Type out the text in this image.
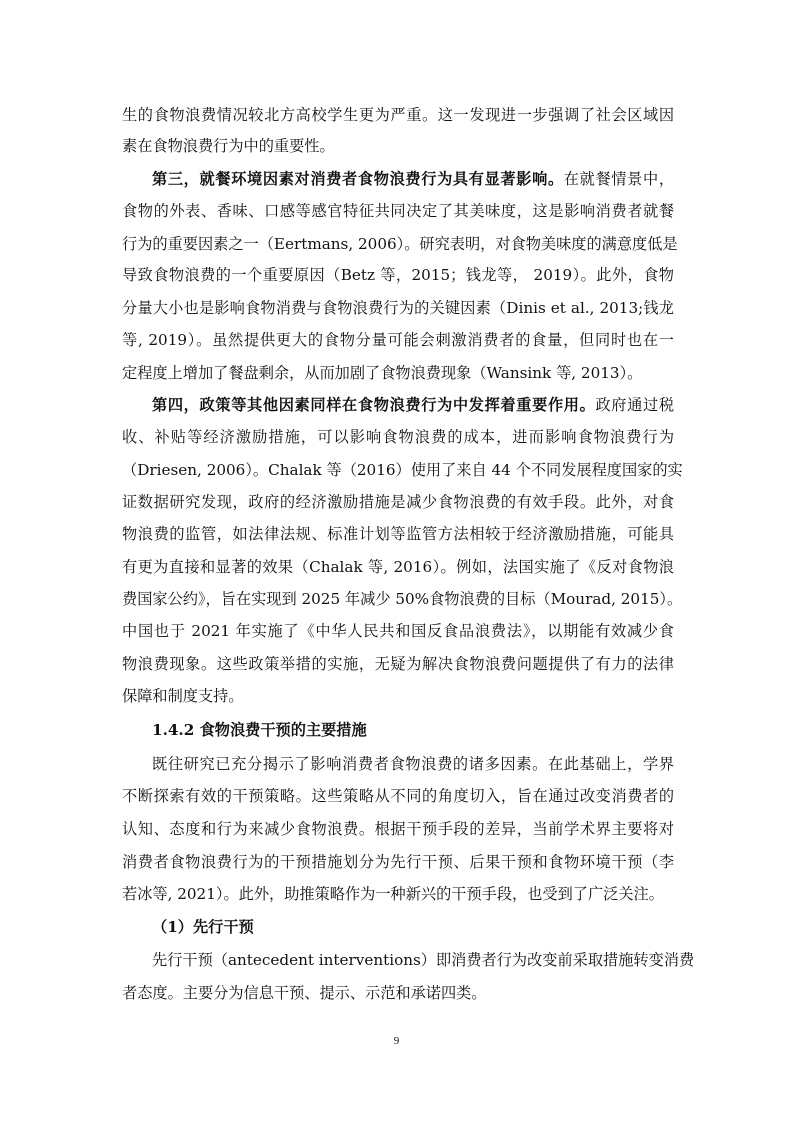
生的食物浪费情况较北方高校学生更为严重。这一发现进一步强调了社会区域因
素在食物浪费行为中的重要性。
第三，就餐环境因素对消费者食物浪费行为具有显著影响。在就餐情景中，
食物的外表、香味、口感等感官特征共同决定了其美味度，这是影响消费者就餐
行为的重要因素之一（Eertmans, 2006）。研究表明，对食物美味度的满意度低是
导致食物浪费的一个重要原因（Betz 等，2015；钱龙等， 2019）。此外，食物
分量大小也是影响食物消费与食物浪费行为的关键因素（Dinis et al., 2013;钱龙
等, 2019）。虽然提供更大的食物分量可能会刺激消费者的食量，但同时也在一
定程度上增加了餐盘剩余，从而加剧了食物浪费现象（Wansink 等, 2013）。
第四，政策等其他因素同样在食物浪费行为中发挥着重要作用。政府通过税
收、补贴等经济激励措施，可以影响食物浪费的成本，进而影响食物浪费行为
（Driesen, 2006）。Chalak 等（2016）使用了来自 44 个不同发展程度国家的实
证数据研究发现，政府的经济激励措施是减少食物浪费的有效手段。此外，对食
物浪费的监管，如法律法规、标准计划等监管方法相较于经济激励措施，可能具
有更为直接和显著的效果（Chalak 等, 2016）。例如，法国实施了《反对食物浪
费国家公约》，旨在实现到 2025 年减少 50%食物浪费的目标（Mourad, 2015）。
中国也于 2021 年实施了《中华人民共和国反食品浪费法》，以期能有效减少食
物浪费现象。这些政策举措的实施，无疑为解决食物浪费问题提供了有力的法律
保障和制度支持。
1.4.2 食物浪费干预的主要措施
既往研究已充分揭示了影响消费者食物浪费的诸多因素。在此基础上，学界
不断探索有效的干预策略。这些策略从不同的角度切入，旨在通过改变消费者的
认知、态度和行为来减少食物浪费。根据干预手段的差异，当前学术界主要将对
消费者食物浪费行为的干预措施划分为先行干预、后果干预和食物环境干预（李
若冰等, 2021）。此外，助推策略作为一种新兴的干预手段，也受到了广泛关注。
（1）先行干预
先行干预（antecedent interventions）即消费者行为改变前采取措施转变消费
者态度。主要分为信息干预、提示、示范和承诺四类。
9
